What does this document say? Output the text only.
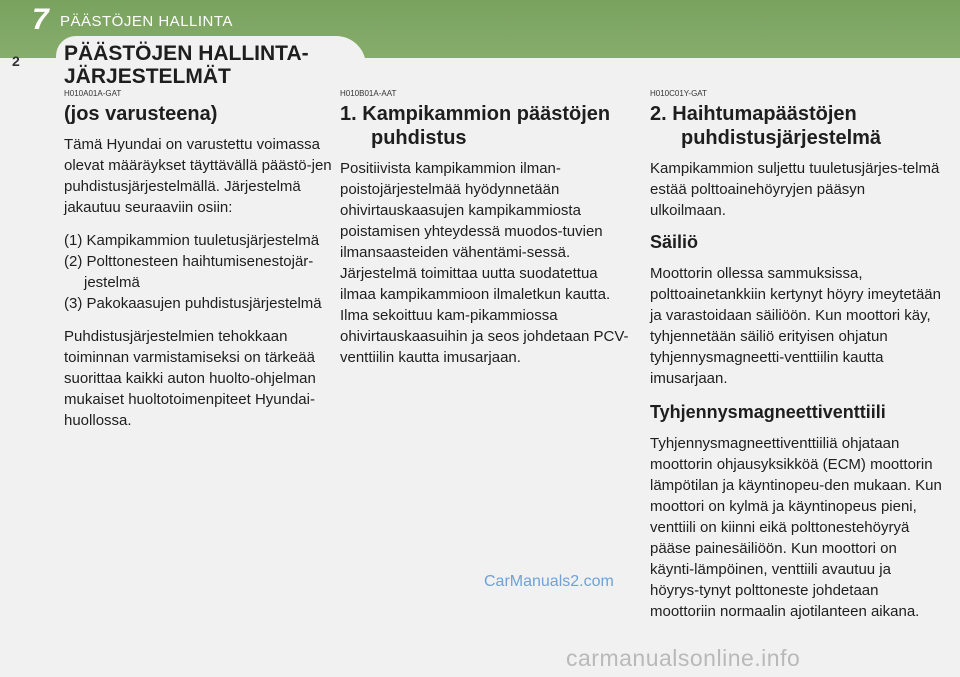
7 PÄÄSTÖJEN HALLINTA
2 PÄÄSTÖJEN HALLINTA-
JÄRJESTELMÄT
H010A01A-GAT
(jos varusteena)

Tämä Hyundai on varustettu voimassa olevat määräykset täyttävällä päästö-jen puhdistusjärjestelmällä. Järjestelmä jakautuu seuraaviin osiin:

(1) Kampikammion tuuletusjärjestelmä
(2) Polttonesteen haihtumisenestojär-
jestelmä
(3) Pakokaasujen puhdistusjärjestelmä

Puhdistusjärjestelmien tehokkaan toiminnan varmistamiseksi on tärkeää suorittaa kaikki auton huolto-ohjelman mukaiset huoltotoimenpiteet Hyundai-huollossa.

H010B01A-AAT
1. Kampikammion päästöjen
puhdistus

Positiivista kampikammion ilman-poistojärjestelmää hyödynnetään ohivirtauskaasujen kampikammiosta poistamisen yhteydessä muodos-tuvien ilmansaasteiden vähentämi-sessä. Järjestelmä toimittaa uutta suodatettua ilmaa kampikammioon ilmaletkun kautta. Ilma sekoittuu kam-pikammiossa ohivirtauskaasuihin ja seos johdetaan PCV-venttiilin kautta imusarjaan.

H010C01Y-GAT
2. Haihtumapäästöjen
puhdistusjärjestelmä

Kampikammion suljettu tuuletusjärjes-telmä estää polttoainehöyryjen pääsyn ulkoilmaan.

Säiliö

Moottorin ollessa sammuksissa, polttoainetankkiin kertynyt höyry imeytetään ja varastoidaan säiliöön. Kun moottori käy, tyhjennetään säiliö erityisen ohjatun tyhjennysmagneetti-venttiilin kautta imusarjaan.

Tyhjennysmagneettiventtiili

Tyhjennysmagneettiventtiiliä ohjataan moottorin ohjausyksikköä (ECM) moottorin lämpötilan ja käyntinopeu-den mukaan. Kun moottori on kylmä ja käyntinopeus pieni, venttiili on kiinni eikä polttonestehöyryä pääse painesäiliöön. Kun moottori on käynti-lämpöinen, venttiili avautuu ja höyrys-tynyt polttoneste johdetaan moottoriin normaalin ajotilanteen aikana.

CarManuals2.com
carmanualsonline.info
